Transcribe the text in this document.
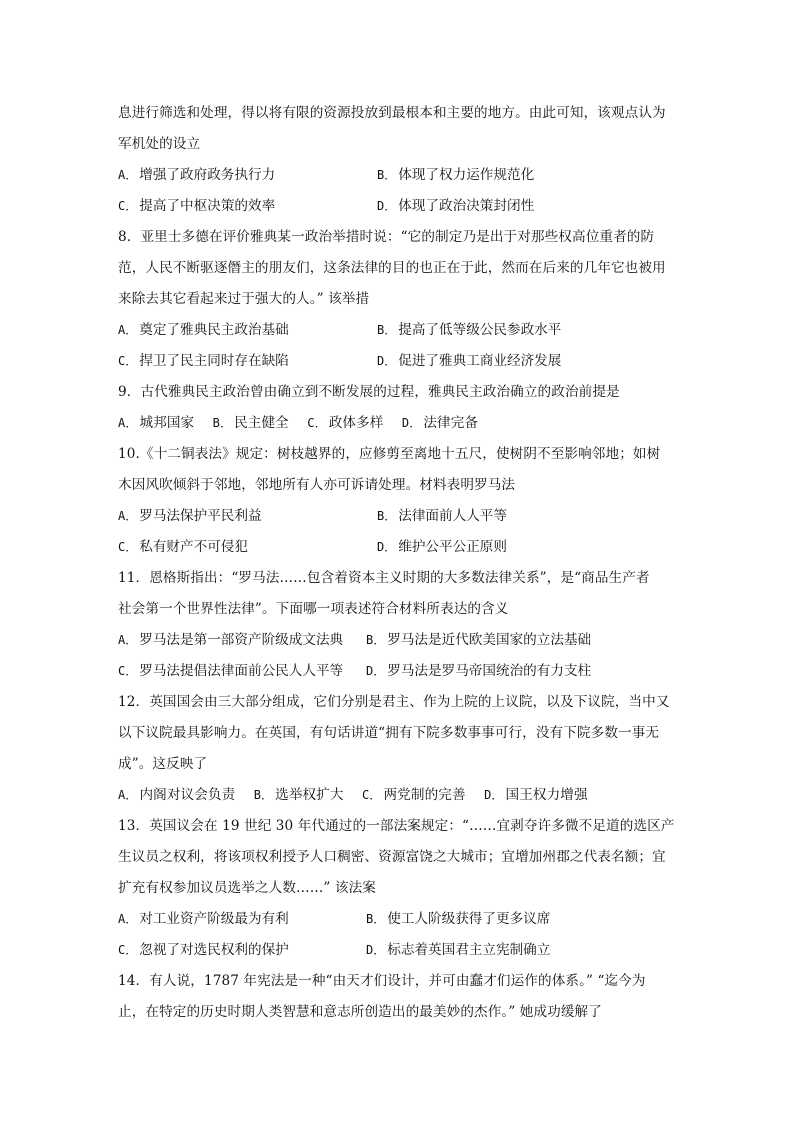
息进行筛选和处理，得以将有限的资源投放到最根本和主要的地方。由此可知，该观点认为
军机处的设立
A． 增强了政府政务执行力	B． 体现了权力运作规范化
C． 提高了中枢决策的效率	D． 体现了政治决策封闭性
8．亚里士多德在评价雅典某一政治举措时说：“它的制定乃是出于对那些权高位重者的防
范，人民不断驱逐僭主的朋友们，这条法律的目的也正在于此，然而在后来的几年它也被用
来除去其它看起来过于强大的人。” 该举措
A． 奠定了雅典民主政治基础	B． 提高了低等级公民参政水平
C． 捍卫了民主同时存在缺陷	D． 促进了雅典工商业经济发展
9．古代雅典民主政治曾由确立到不断发展的过程，雅典民主政治确立的政治前提是
A． 城邦国家 B． 民主健全 C． 政体多样 D． 法律完备
10.《十二铜表法》规定：树枝越界的，应修剪至离地十五尺，使树阴不至影响邻地；如树
木因风吹倾斜于邻地，邻地所有人亦可诉请处理。材料表明罗马法
A． 罗马法保护平民利益	B． 法律面前人人平等
C． 私有财产不可侵犯	D． 维护公平公正原则
11．恩格斯指出：“罗马法……包含着资本主义时期的大多数法律关系”，是“商品生产者
社会第一个世界性法律”。下面哪一项表述符合材料所表达的含义
A． 罗马法是第一部资产阶级成文法典 B． 罗马法是近代欧美国家的立法基础
C． 罗马法提倡法律面前公民人人平等 D． 罗马法是罗马帝国统治的有力支柱
12．英国国会由三大部分组成，它们分别是君主、作为上院的上议院，以及下议院，当中又
以下议院最具影响力。在英国，有句话讲道“拥有下院多数事事可行，没有下院多数一事无
成”。这反映了
A． 内阁对议会负责 B． 选举权扩大 C． 两党制的完善 D． 国王权力增强
13．英国议会在 19 世纪 30 年代通过的一部法案规定：“……宜剥夺许多微不足道的选区产
生议员之权利，将该项权利授予人口稠密、资源富饶之大城市；宜增加州郡之代表名额；宜
扩充有权参加议员选举之人数……” 该法案
A． 对工业资产阶级最为有利	B． 使工人阶级获得了更多议席
C． 忽视了对选民权利的保护	D． 标志着英国君主立宪制确立
14．有人说，1787 年宪法是一种“由天才们设计，并可由蠢才们运作的体系。” “迄今为
止，在特定的历史时期人类智慧和意志所创造出的最美妙的杰作。” 她成功缓解了
